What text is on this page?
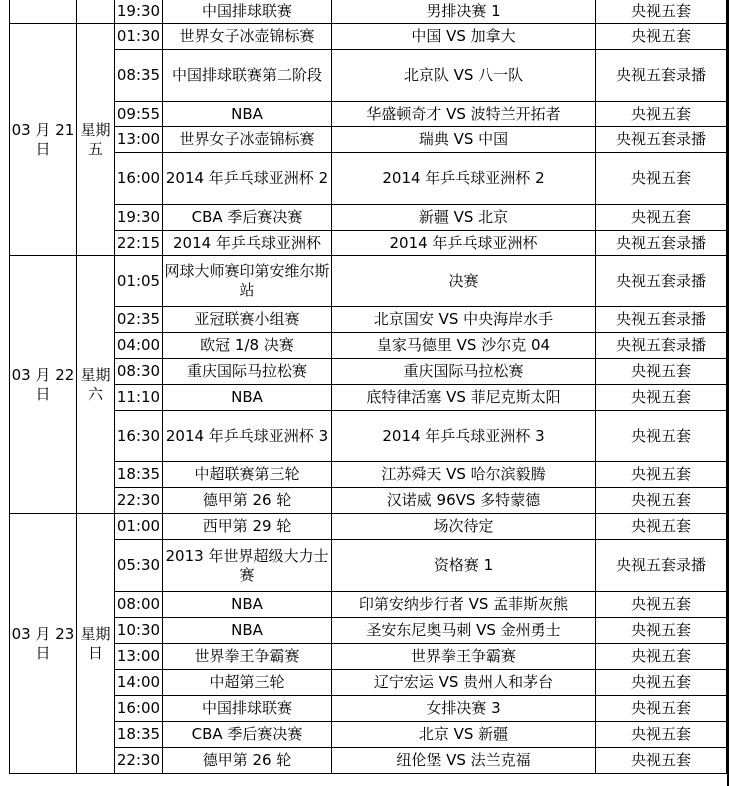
		19:30	中国排球联赛	男排决赛 1	央视五套
03 月 21 日	星期五	01:30	世界女子冰壶锦标赛	中国 VS 加拿大	央视五套
		08:35	中国排球联赛第二阶段	北京队 VS 八一队	央视五套录播
		09:55	NBA	华盛顿奇才 VS 波特兰开拓者	央视五套
		13:00	世界女子冰壶锦标赛	瑞典 VS 中国	央视五套录播
		16:00	2014 年乒乓球亚洲杯 2	2014 年乒乓球亚洲杯 2	央视五套
		19:30	CBA 季后赛决赛	新疆 VS 北京	央视五套
		22:15	2014 年乒乓球亚洲杯	2014 年乒乓球亚洲杯	央视五套录播
03 月 22 日	星期六	01:05	网球大师赛印第安维尔斯站	决赛	央视五套录播
		02:35	亚冠联赛小组赛	北京国安 VS 中央海岸水手	央视五套录播
		04:00	欧冠 1/8 决赛	皇家马德里 VS 沙尔克 04	央视五套录播
		08:30	重庆国际马拉松赛	重庆国际马拉松赛	央视五套
		11:10	NBA	底特律活塞 VS 菲尼克斯太阳	央视五套
		16:30	2014 年乒乓球亚洲杯 3	2014 年乒乓球亚洲杯 3	央视五套
		18:35	中超联赛第三轮	江苏舜天 VS 哈尔滨毅腾	央视五套
		22:30	德甲第 26 轮	汉诺威 96VS 多特蒙德	央视五套
03 月 23 日	星期日	01:00	西甲第 29 轮	场次待定	央视五套
		05:30	2013 年世界超级大力士赛	资格赛 1	央视五套录播
		08:00	NBA	印第安纳步行者 VS 孟菲斯灰熊	央视五套
		10:30	NBA	圣安东尼奥马刺 VS 金州勇士	央视五套
		13:00	世界拳王争霸赛	世界拳王争霸赛	央视五套
		14:00	中超第三轮	辽宁宏运 VS 贵州人和茅台	央视五套
		16:00	中国排球联赛	女排决赛 3	央视五套
		18:35	CBA 季后赛决赛	北京 VS 新疆	央视五套
		22:30	德甲第 26 轮	纽伦堡 VS 法兰克福	央视五套
